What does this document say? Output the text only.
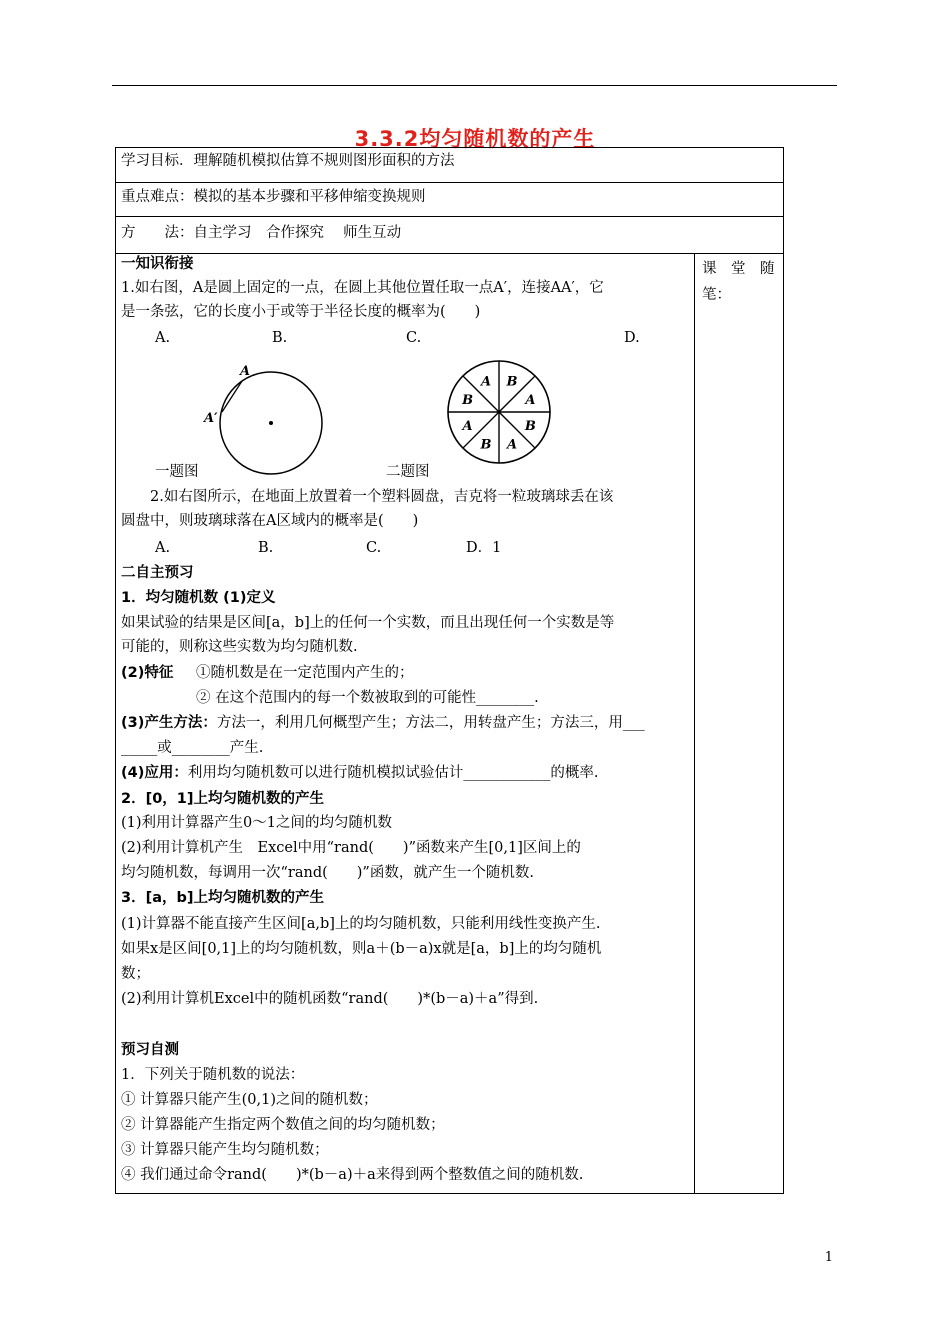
3.3.2均匀随机数的产生
学习目标．理解随机模拟估算不规则图形面积的方法
重点难点：模拟的基本步骤和平移伸缩变换规则
方　　法：自主学习　合作探究　 师生互动
课　堂　随　笔：
一知识衔接
1.如右图，A是圆上固定的一点，在圆上其他位置任取一点A′，连接AA′，它
是一条弦，它的长度小于或等于半径长度的概率为(　　)
A.	B.	C.	D.
A
A′
A B
A
B
A
B
A
B
一题图	二题图
2.如右图所示，在地面上放置着一个塑料圆盘，吉克将一粒玻璃球丢在该
圆盘中，则玻璃球落在A区域内的概率是(　　)
A.	B.	C.	D．1
二自主预习
1．均匀随机数 (1)定义
如果试验的结果是区间[a，b]上的任何一个实数，而且出现任何一个实数是等
可能的，则称这些实数为均匀随机数.
(2)特征 ①随机数是在一定范围内产生的；
② 在这个范围内的每一个数被取到的可能性________.
(3)产生方法：方法一，利用几何概型产生；方法二，用转盘产生；方法三，用___
_____或________产生.
(4)应用：利用均匀随机数可以进行随机模拟试验估计____________的概率.
2．[0，1]上均匀随机数的产生
(1)利用计算器产生0～1之间的均匀随机数
(2)利用计算机产生　Excel中用“rand(　　)”函数来产生[0,1]区间上的
均匀随机数，每调用一次“rand(　　)”函数，就产生一个随机数.
3．[a，b]上均匀随机数的产生
(1)计算器不能直接产生区间[a,b]上的均匀随机数，只能利用线性变换产生.
如果x是区间[0,1]上的均匀随机数，则a＋(b－a)x就是[a，b]上的均匀随机
数；
(2)利用计算机Excel中的随机函数“rand(　　)*(b－a)＋a”得到.
预习自测
1．下列关于随机数的说法：
① 计算器只能产生(0,1)之间的随机数；
② 计算器能产生指定两个数值之间的均匀随机数；
③ 计算器只能产生均匀随机数；
④ 我们通过命令rand(　　)*(b－a)＋a来得到两个整数值之间的随机数.
1
